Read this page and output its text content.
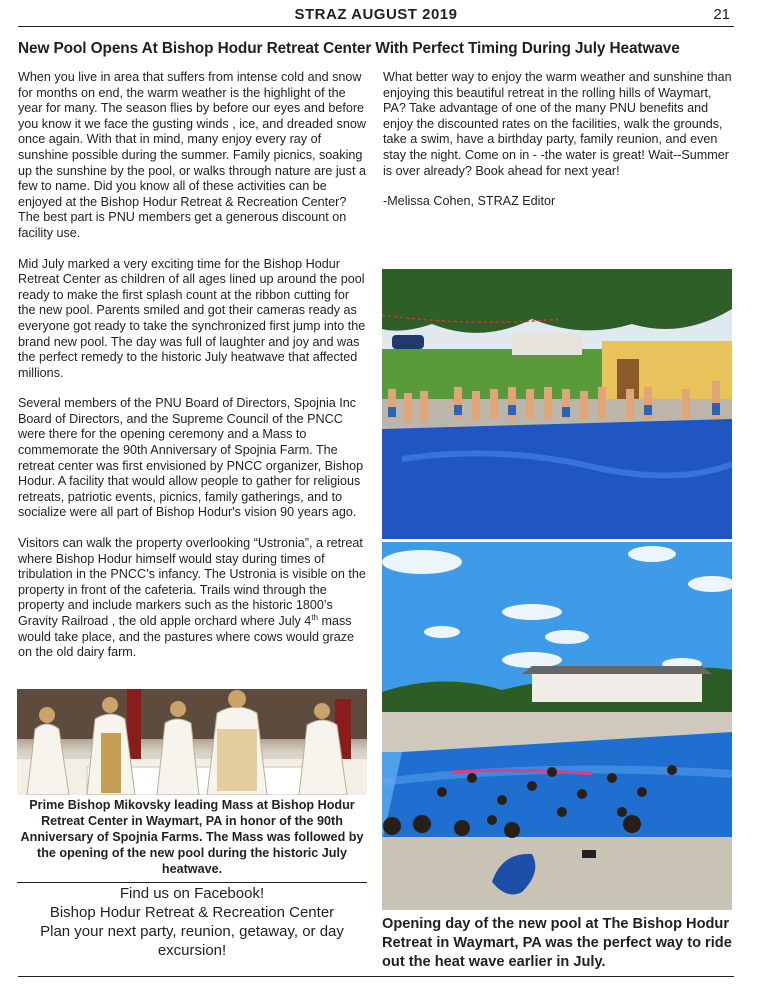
STRAZ AUGUST 2019	21
New Pool Opens At Bishop Hodur Retreat Center With Perfect Timing During July Heatwave

When you live in area that suffers from intense cold and snow for months on end, the warm weather is the highlight of the year for many. The season flies by before our eyes and before you know it we face the gusting winds , ice, and dreaded snow once again. With that in mind, many enjoy every ray of sunshine possible during the summer. Family picnics, soaking up the sunshine by the pool, or walks through nature are just a few to name. Did you know all of these activities can be enjoyed at the Bishop Hodur Retreat & Recreation Center? The best part is PNU members get a generous discount on facility use.

Mid July marked a very exciting time for the Bishop Hodur Retreat Center as children of all ages lined up around the pool ready to make the first splash count at the ribbon cutting for the new pool. Parents smiled and got their cameras ready as everyone got ready to take the synchronized first jump into the brand new pool. The day was full of laughter and joy and was the perfect remedy to the historic July heatwave that affected millions.

Several members of the PNU Board of Directors, Spojnia Inc Board of Directors, and the Supreme Council of the PNCC were there for the opening ceremony and a Mass to commemorate the 90th Anniversary of Spojnia Farm. The retreat center was first envisioned by PNCC organizer, Bishop Hodur. A facility that would allow people to gather for religious retreats, patriotic events, picnics, family gatherings, and to socialize were all part of Bishop Hodur's vision 90 years ago.

Visitors can walk the property overlooking “Ustronia”, a retreat where Bishop Hodur himself would stay during times of tribulation in the PNCC’s infancy. The Ustronia is visible on the property in front of the cafeteria. Trails wind through the property and include markers such as the historic 1800’s Gravity Railroad , the old apple orchard where July 4th mass would take place, and the pastures where cows would graze on the old dairy farm.

What better way to enjoy the warm weather and sunshine than enjoying this beautiful retreat in the rolling hills of Waymart, PA? Take advantage of one of the many PNU benefits and enjoy the discounted rates on the facilities, walk the grounds, take a swim, have a birthday party, family reunion, and even stay the night. Come on in - -the water is great! Wait--Summer is over already? Book ahead for next year!

-Melissa Cohen, STRAZ Editor

Prime Bishop Mikovsky leading Mass at Bishop Hodur Retreat Center in Waymart, PA in honor of the 90th Anniversary of Spojnia Farms. The Mass was followed by the opening of the new pool during the historic July heatwave.
Find us on Facebook!
Bishop Hodur Retreat & Recreation Center
Plan your next party, reunion, getaway, or day excursion!
Opening day of the new pool at The Bishop Hodur Retreat in Waymart, PA was the perfect way to ride out the heat wave earlier in July.
